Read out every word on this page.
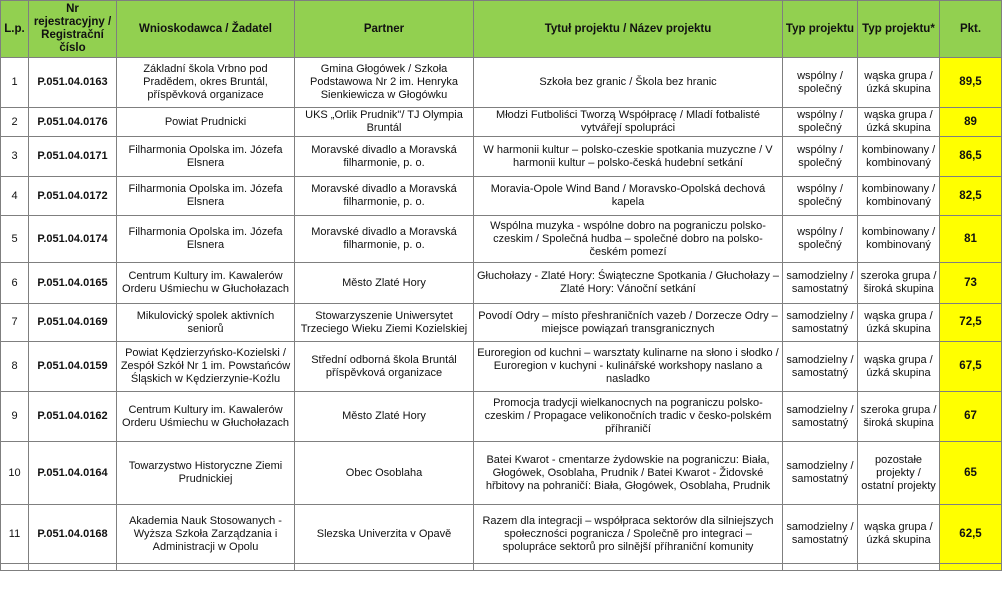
L.p.	Nr rejestracyjny / Registrační číslo	Wnioskodawca / Žadatel	Partner	Tytuł projektu / Název projektu	Typ projektu	Typ projektu*	Pkt.
1	P.051.04.0163	Základní škola Vrbno pod Pradědem, okres Bruntál, příspěvková organizace	Gmina Głogówek / Szkoła Podstawowa Nr 2 im. Henryka Sienkiewicza w Głogówku	Szkoła bez granic / Škola bez hranic	wspólny / společný	wąska grupa / úzká skupina	89,5
2	P.051.04.0176	Powiat Prudnicki	UKS „Orlik Prudnik"/ TJ Olympia Bruntál	Młodzi Futboliści Tworzą Współpracę / Mladí fotbalisté vytvářejí spolupráci	wspólny / společný	wąska grupa / úzká skupina	89
3	P.051.04.0171	Filharmonia Opolska im. Józefa Elsnera	Moravské divadlo a Moravská filharmonie, p. o.	W harmonii kultur – polsko-czeskie spotkania muzyczne / V harmonii kultur – polsko-česká hudební setkání	wspólny / společný	kombinowany / kombinovaný	86,5
4	P.051.04.0172	Filharmonia Opolska im. Józefa Elsnera	Moravské divadlo a Moravská filharmonie, p. o.	Moravia-Opole Wind Band / Moravsko-Opolská dechová kapela	wspólny / společný	kombinowany / kombinovaný	82,5
5	P.051.04.0174	Filharmonia Opolska im. Józefa Elsnera	Moravské divadlo a Moravská filharmonie, p. o.	Wspólna muzyka - wspólne dobro na pograniczu polsko-czeskim / Společná hudba – společné dobro na polsko-českém pomezí	wspólny / společný	kombinowany / kombinovaný	81
6	P.051.04.0165	Centrum Kultury im. Kawalerów Orderu Uśmiechu w Głuchołazach	Město Zlaté Hory	Głuchołazy - Zlaté Hory: Świąteczne Spotkania / Głuchołazy – Zlaté Hory: Vánoční setkání	samodzielny / samostatný	szeroka grupa / široká skupina	73
7	P.051.04.0169	Mikulovický spolek aktivních seniorů	Stowarzyszenie Uniwersytet Trzeciego Wieku Ziemi Kozielskiej	Povodí Odry – místo přeshraničních vazeb / Dorzecze Odry – miejsce powiązań transgranicznych	samodzielny / samostatný	wąska grupa / úzká skupina	72,5
8	P.051.04.0159	Powiat Kędzierzyńsko-Kozielski / Zespół Szkół Nr 1 im. Powstańców Śląskich w Kędzierzynie-Koźlu	Střední odborná škola Bruntál příspěvková organizace	Euroregion od kuchni – warsztaty kulinarne na słono i słodko / Euroregion v kuchyni - kulinářské workshopy naslano a nasladko	samodzielny / samostatný	wąska grupa / úzká skupina	67,5
9	P.051.04.0162	Centrum Kultury im. Kawalerów Orderu Uśmiechu w Głuchołazach	Město Zlaté Hory	Promocja tradycji wielkanocnych na pograniczu polsko-czeskim / Propagace velikonočních tradic v česko-polském příhraničí	samodzielny / samostatný	szeroka grupa / široká skupina	67
10	P.051.04.0164	Towarzystwo Historyczne Ziemi Prudnickiej	Obec Osoblaha	Batei Kwarot - cmentarze żydowskie na pograniczu: Biała, Głogówek, Osoblaha, Prudnik / Batei Kwarot - Židovské hřbitovy na pohraničí: Biała, Głogówek, Osoblaha, Prudnik	samodzielny / samostatný	pozostałe projekty / ostatní projekty	65
11	P.051.04.0168	Akademia Nauk Stosowanych - Wyższa Szkoła Zarządzania i Administracji w Opolu	Slezska Univerzita v Opavě	Razem dla integracji – współpraca sektorów dla silniejszych społeczności pogranicza / Společně pro integraci – spolupráce sektorů pro silnější příhraniční komunity	samodzielny / samostatný	wąska grupa / úzká skupina	62,5
